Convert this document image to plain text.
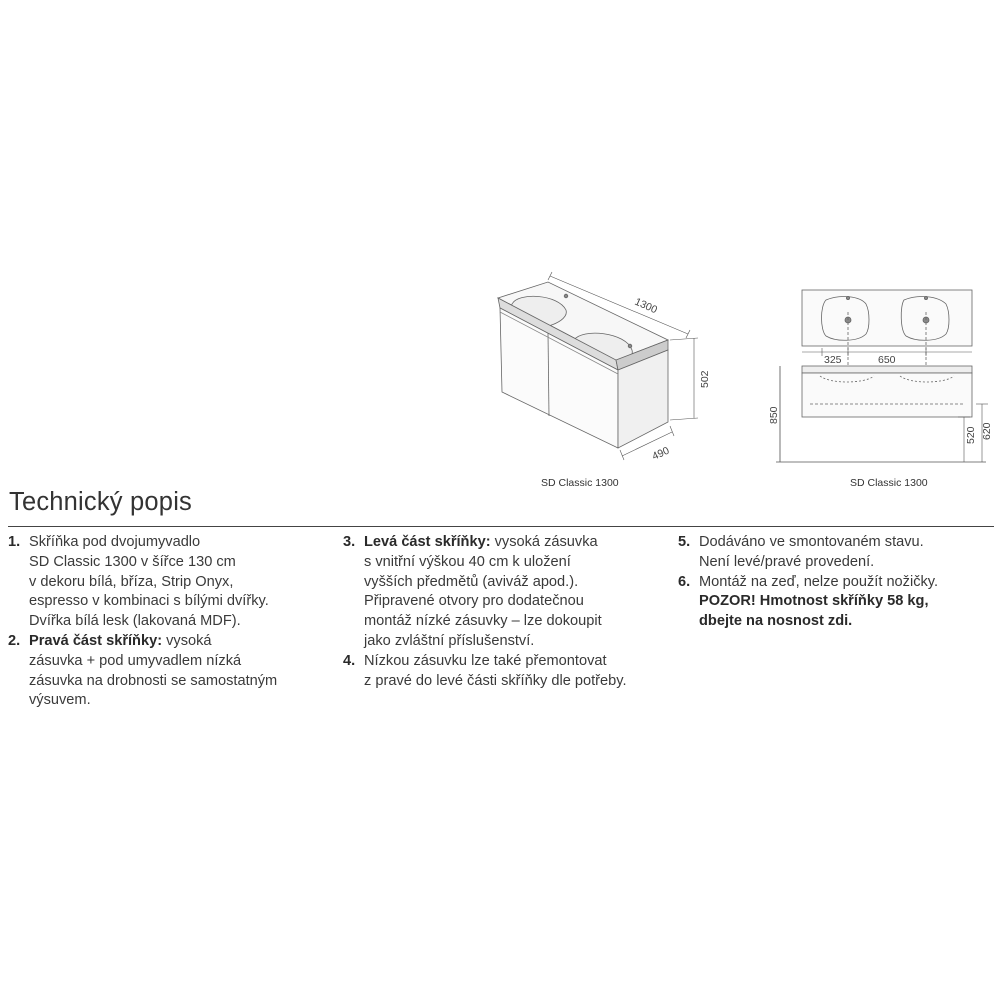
1300
502
490
SD Classic 1300
325	650
850
520 620
SD Classic 1300
Technický popis
1. Skříňka pod dvojumyvadlo
SD Classic 1300 v šířce 130 cm
v dekoru bílá, bříza, Strip Onyx,
espresso v kombinaci s bílými dvířky.
Dvířka bílá lesk (lakovaná MDF).
2. Pravá část skříňky: vysoká
zásuvka + pod umyvadlem nízká
zásuvka na drobnosti se samostatným
výsuvem.
3. Levá část skříňky: vysoká zásuvka
s vnitřní výškou 40 cm k uložení
vyšších předmětů (aviváž apod.).
Připravené otvory pro dodatečnou
montáž nízké zásuvky – lze dokoupit
jako zvláštní příslušenství.
4. Nízkou zásuvku lze také přemontovat
z pravé do levé části skříňky dle potřeby.
5. Dodáváno ve smontovaném stavu.
Není levé/pravé provedení.
6. Montáž na zeď, nelze použít nožičky.
POZOR! Hmotnost skříňky 58 kg,
dbejte na nosnost zdi.
